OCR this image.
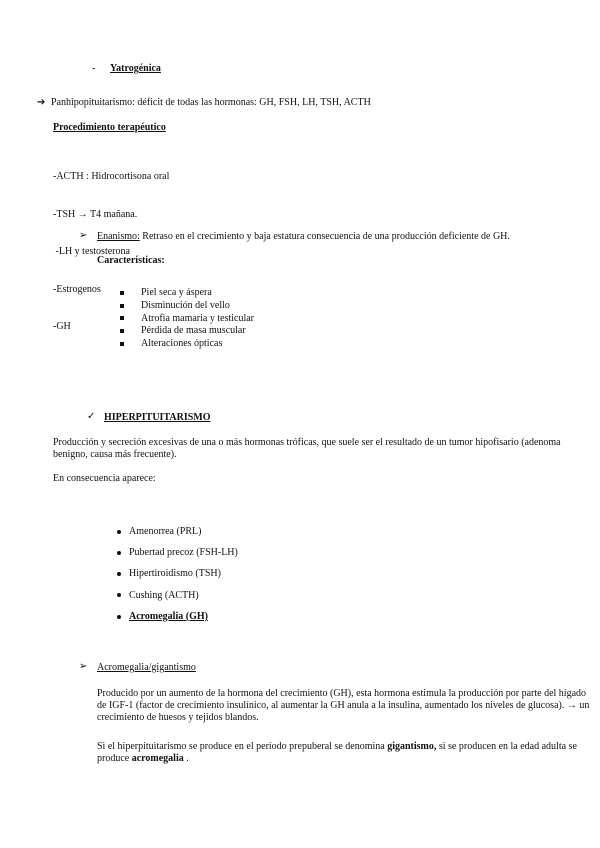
- Yatrogénica
➔ Panhipopituitarismo: déficit de todas las hormonas: GH, FSH, LH, TSH, ACTH
Procedimiento terapéutico

-ACTH : Hidrocortisona oral

-TSH → T4 mañana.

-LH y testosterona

-Estrogenos

-GH

➢ Enanismo: Retraso en el crecimiento y baja estatura consecuencia de una producción deficiente de GH.
Características:
Piel seca y áspera
Disminución del vello
Atrofia mamaria y testicular
Pérdida de masa muscular
Alteraciones ópticas
✓ HIPERPITUITARISMO
Producción y secreción excesivas de una o más hormonas tróficas, que suele ser el resultado de un tumor hipofisario (adenoma benigno, causa más frecuente).
En consecuencia aparece:
Amenorrea (PRL)
Pubertad precoz (FSH-LH)
Hipertiroidismo (TSH)
Cushing (ACTH)
Acromegalia (GH)
➢ Acromegalia/gigantismo
Producido por un aumento de la hormona del crecimiento (GH), esta hormona estimula la producción por parte del hígado de IGF-1 (factor de crecimiento insulínico, al aumentar la GH anula a la insulina, aumentado los niveles de glucosa). → un crecimiento de huesos y tejidos blandos.
Si el hiperpituitarismo se produce en el período prepuberal se denomina gigantismo, si se producen en la edad adulta se produce acromegalia .
